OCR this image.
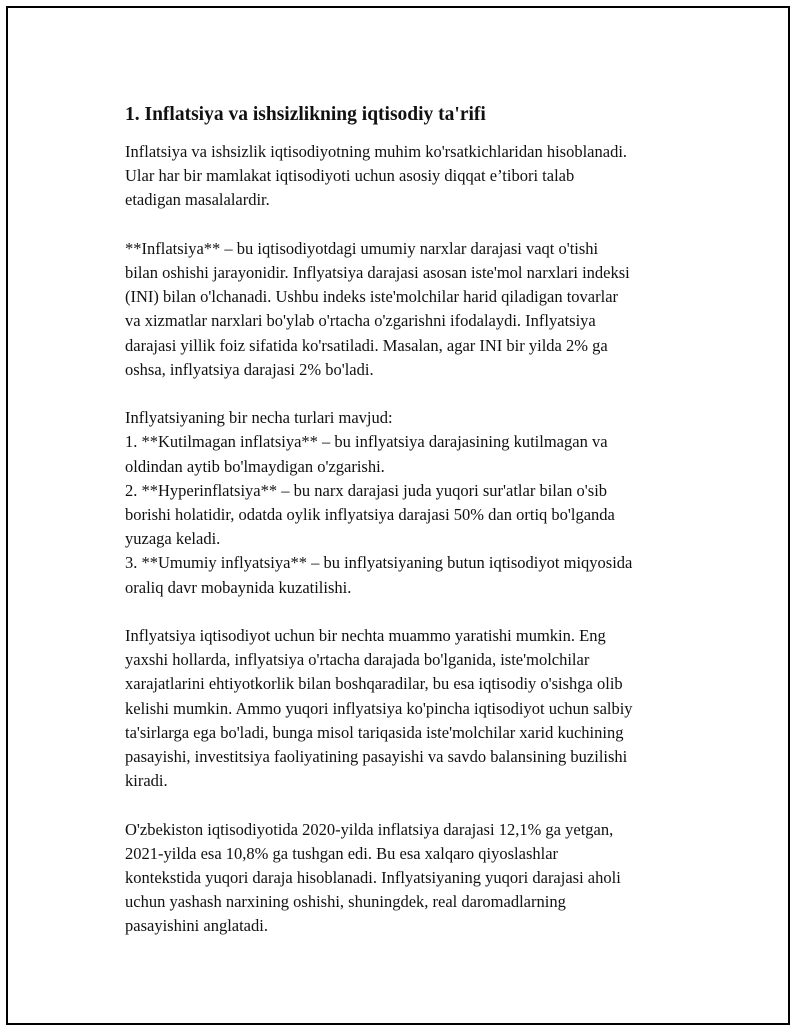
1. Inflatsiya va ishsizlikning iqtisodiy ta'rifi
Inflatsiya va ishsizlik iqtisodiyotning muhim ko'rsatkichlaridan hisoblanadi.
Ular har bir mamlakat iqtisodiyoti uchun asosiy diqqat e’tibori talab
etadigan masalalardir.
**Inflatsiya** – bu iqtisodiyotdagi umumiy narxlar darajasi vaqt o'tishi
bilan oshishi jarayonidir. Inflyatsiya darajasi asosan iste'mol narxlari indeksi
(INI) bilan o'lchanadi. Ushbu indeks iste'molchilar harid qiladigan tovarlar
va xizmatlar narxlari bo'ylab o'rtacha o'zgarishni ifodalaydi. Inflyatsiya
darajasi yillik foiz sifatida ko'rsatiladi. Masalan, agar INI bir yilda 2% ga
oshsa, inflyatsiya darajasi 2% bo'ladi.
Inflyatsiyaning bir necha turlari mavjud:
1. **Kutilmagan inflatsiya** – bu inflyatsiya darajasining kutilmagan va
oldindan aytib bo'lmaydigan o'zgarishi.
2. **Hyperinflatsiya** – bu narx darajasi juda yuqori sur'atlar bilan o'sib
borishi holatidir, odatda oylik inflyatsiya darajasi 50% dan ortiq bo'lganda
yuzaga keladi.
3. **Umumiy inflyatsiya** – bu inflyatsiyaning butun iqtisodiyot miqyosida
oraliq davr mobaynida kuzatilishi.
Inflyatsiya iqtisodiyot uchun bir nechta muammo yaratishi mumkin. Eng
yaxshi hollarda, inflyatsiya o'rtacha darajada bo'lganida, iste'molchilar
xarajatlarini ehtiyotkorlik bilan boshqaradilar, bu esa iqtisodiy o'sishga olib
kelishi mumkin. Ammo yuqori inflyatsiya ko'pincha iqtisodiyot uchun salbiy
ta'sirlarga ega bo'ladi, bunga misol tariqasida iste'molchilar xarid kuchining
pasayishi, investitsiya faoliyatining pasayishi va savdo balansining buzilishi
kiradi.
O'zbekiston iqtisodiyotida 2020-yilda inflatsiya darajasi 12,1% ga yetgan,
2021-yilda esa 10,8% ga tushgan edi. Bu esa xalqaro qiyoslashlar
kontekstida yuqori daraja hisoblanadi. Inflyatsiyaning yuqori darajasi aholi
uchun yashash narxining oshishi, shuningdek, real daromadlarning
pasayishini anglatadi.
